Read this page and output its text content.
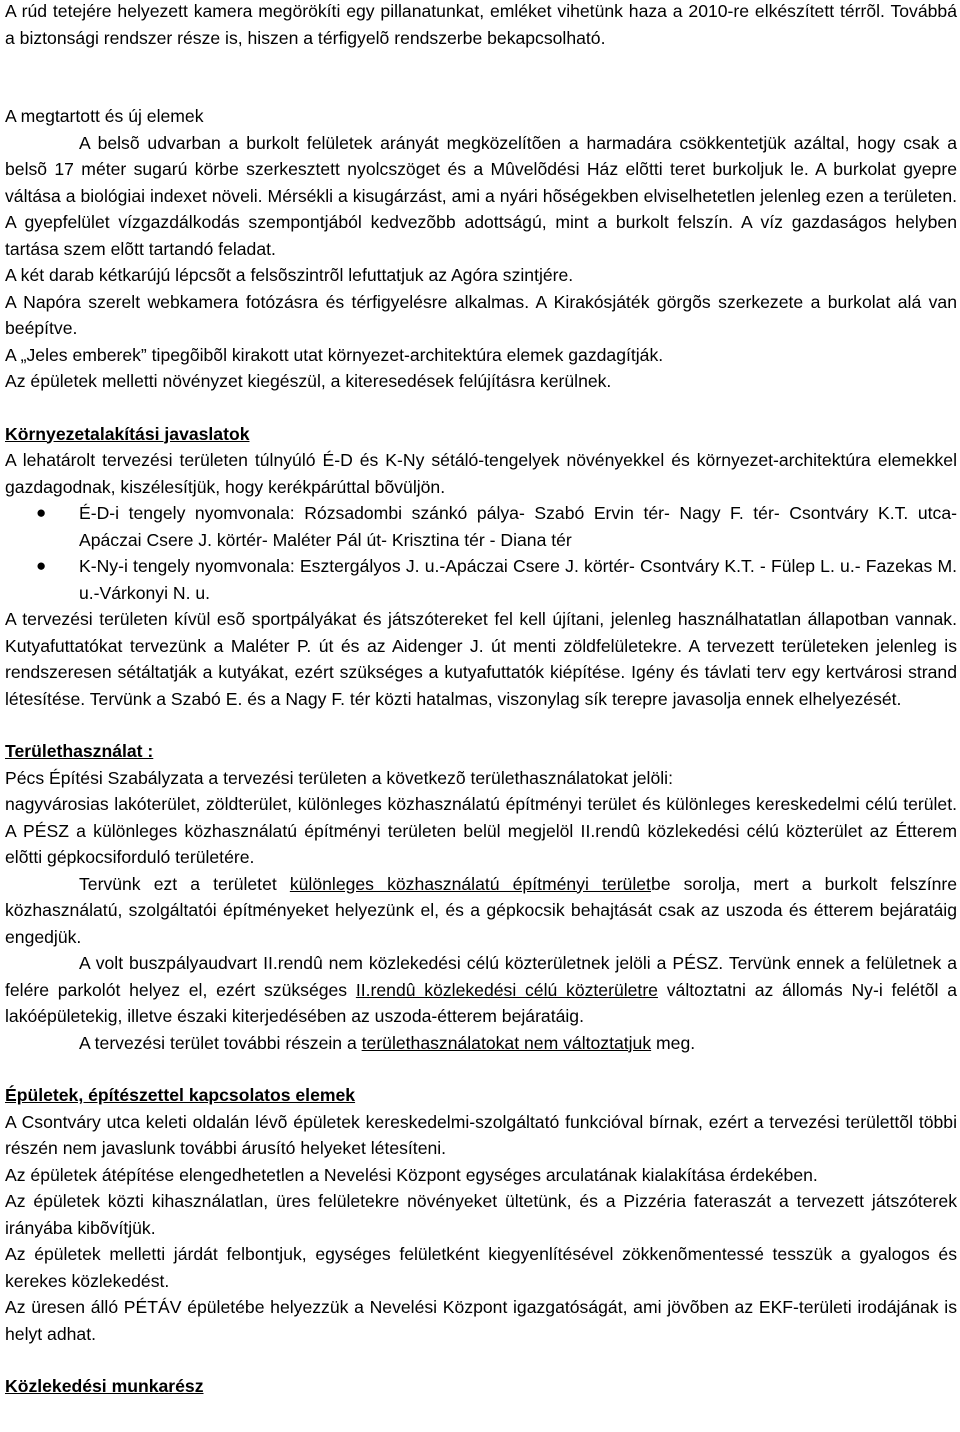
A rúd tetejére helyezett kamera megörökíti egy pillanatunkat, emléket vihetünk haza a 2010-re elkészített térrõl. Továbbá a biztonsági rendszer része is, hiszen a térfigyelõ rendszerbe bekapcsolható.

A megtartott és új elemek

A belsõ udvarban a burkolt felületek arányát megközelítõen a harmadára csökkentetjük azáltal, hogy csak a belsõ 17 méter sugarú körbe szerkesztett nyolcszöget és a Mûvelõdési Ház elõtti teret burkoljuk le. A burkolat gyepre váltása a biológiai indexet növeli. Mérsékli a kisugárzást, ami a nyári hõségekben elviselhetetlen jelenleg ezen a területen. A gyepfelület vízgazdálkodás szempontjából kedvezõbb adottságú, mint a burkolt felszín. A víz gazdaságos helyben tartása szem elõtt tartandó feladat.

A két darab kétkarújú lépcsõt a felsõszintrõl lefuttatjuk az Agóra szintjére.

A Napóra szerelt webkamera fotózásra és térfigyelésre alkalmas. A Kirakósjáték görgõs szerkezete a burkolat alá van beépítve.

A „Jeles emberek” tipegõibõl kirakott utat környezet-architektúra elemek gazdagítják.

Az épületek melletti növényzet kiegészül, a kiteresedések felújításra kerülnek.

Környezetalakítási javaslatok

A lehatárolt tervezési területen túlnyúló É-D és K-Ny sétáló-tengelyek növényekkel és környezet-architektúra elemekkel gazdagodnak, kiszélesítjük, hogy kerékpárúttal bõvüljön.

● É-D-i tengely nyomvonala: Rózsadombi szánkó pálya- Szabó Ervin tér- Nagy F. tér- Csontváry K.T. utca- Apáczai Csere J. körtér- Maléter Pál út- Krisztina tér - Diana tér
● K-Ny-i tengely nyomvonala: Esztergályos J. u.-Apáczai Csere J. körtér- Csontváry K.T. - Fülep L. u.- Fazekas M. u.-Várkonyi N. u.

A tervezési területen kívül esõ sportpályákat és játszótereket fel kell újítani, jelenleg használhatatlan állapotban vannak. Kutyafuttatókat tervezünk a Maléter P. út és az Aidenger J. út menti zöldfelületekre. A tervezett területeken jelenleg is rendszeresen sétáltatják a kutyákat, ezért szükséges a kutyafuttatók kiépítése. Igény és távlati terv egy kertvárosi strand létesítése. Tervünk a Szabó E. és a Nagy F. tér közti hatalmas, viszonylag sík terepre javasolja ennek elhelyezését.

Területhasználat :

Pécs Építési Szabályzata a tervezési területen a következõ területhasználatokat jelöli:

nagyvárosias lakóterület, zöldterület, különleges közhasználatú építményi terület és különleges kereskedelmi célú terület. A PÉSZ a különleges közhasználatú építményi területen belül megjelöl II.rendû közlekedési célú közterület az Étterem elõtti gépkocsiforduló területére.

Tervünk ezt a területet különleges közhasználatú építményi területbe sorolja, mert a burkolt felszínre közhasználatú, szolgáltatói építményeket helyezünk el, és a gépkocsik behajtását csak az uszoda és étterem bejáratáig engedjük.

A volt buszpályaudvart II.rendû nem közlekedési célú közterületnek jelöli a PÉSZ. Tervünk ennek a felületnek a felére parkolót helyez el, ezért szükséges II.rendû közlekedési célú közterületre változtatni az állomás Ny-i felétõl a lakóépületekig, illetve északi kiterjedésében az uszoda-étterem bejáratáig.

A tervezési terület további részein a területhasználatokat nem változtatjuk meg.

Épületek, építészettel kapcsolatos elemek

A Csontváry utca keleti oldalán lévõ épületek kereskedelmi-szolgáltató funkcióval bírnak, ezért a tervezési területtõl többi részén nem javaslunk további árusító helyeket létesíteni.

Az épületek átépítése elengedhetetlen a Nevelési Központ egységes arculatának kialakítása érdekében.

Az épületek közti kihasználatlan, üres felületekre növényeket ültetünk, és a Pizzéria fateraszát a tervezett játszóterek irányába kibõvítjük.

Az épületek melletti járdát felbontjuk, egységes felületként kiegyenlítésével zökkenõmentessé tesszük a gyalogos és kerekes közlekedést.

Az üresen álló PÉTÁV épületébe helyezzük a Nevelési Központ igazgatóságát, ami jövõben az EKF-területi irodájának is helyt adhat.

Közlekedési munkarész
